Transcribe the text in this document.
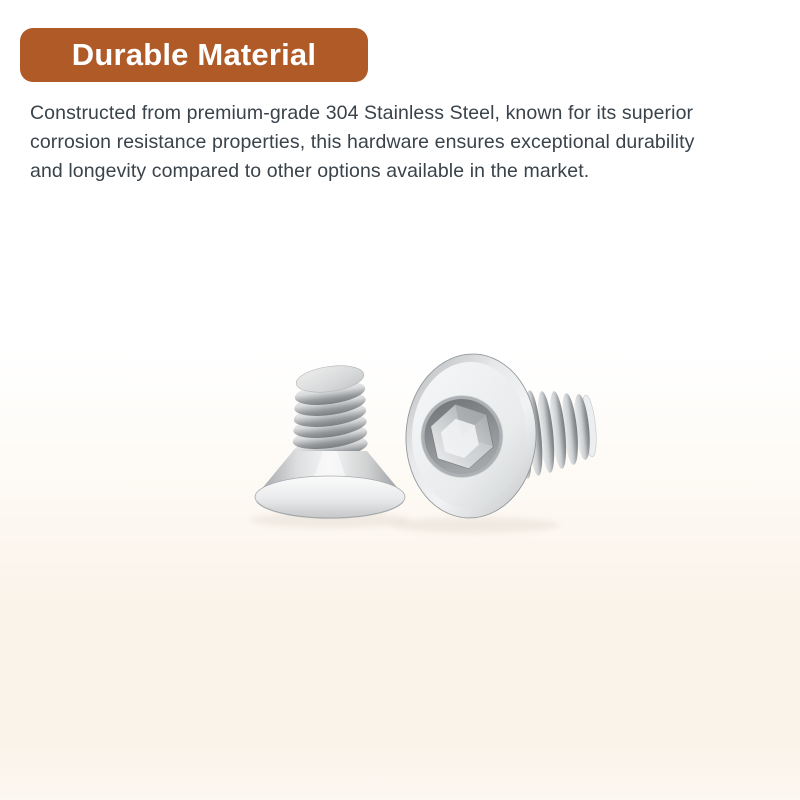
Durable Material
Constructed from premium-grade 304 Stainless Steel, known for its superior
corrosion resistance properties, this hardware ensures exceptional durability
and longevity compared to other options available in the market.
